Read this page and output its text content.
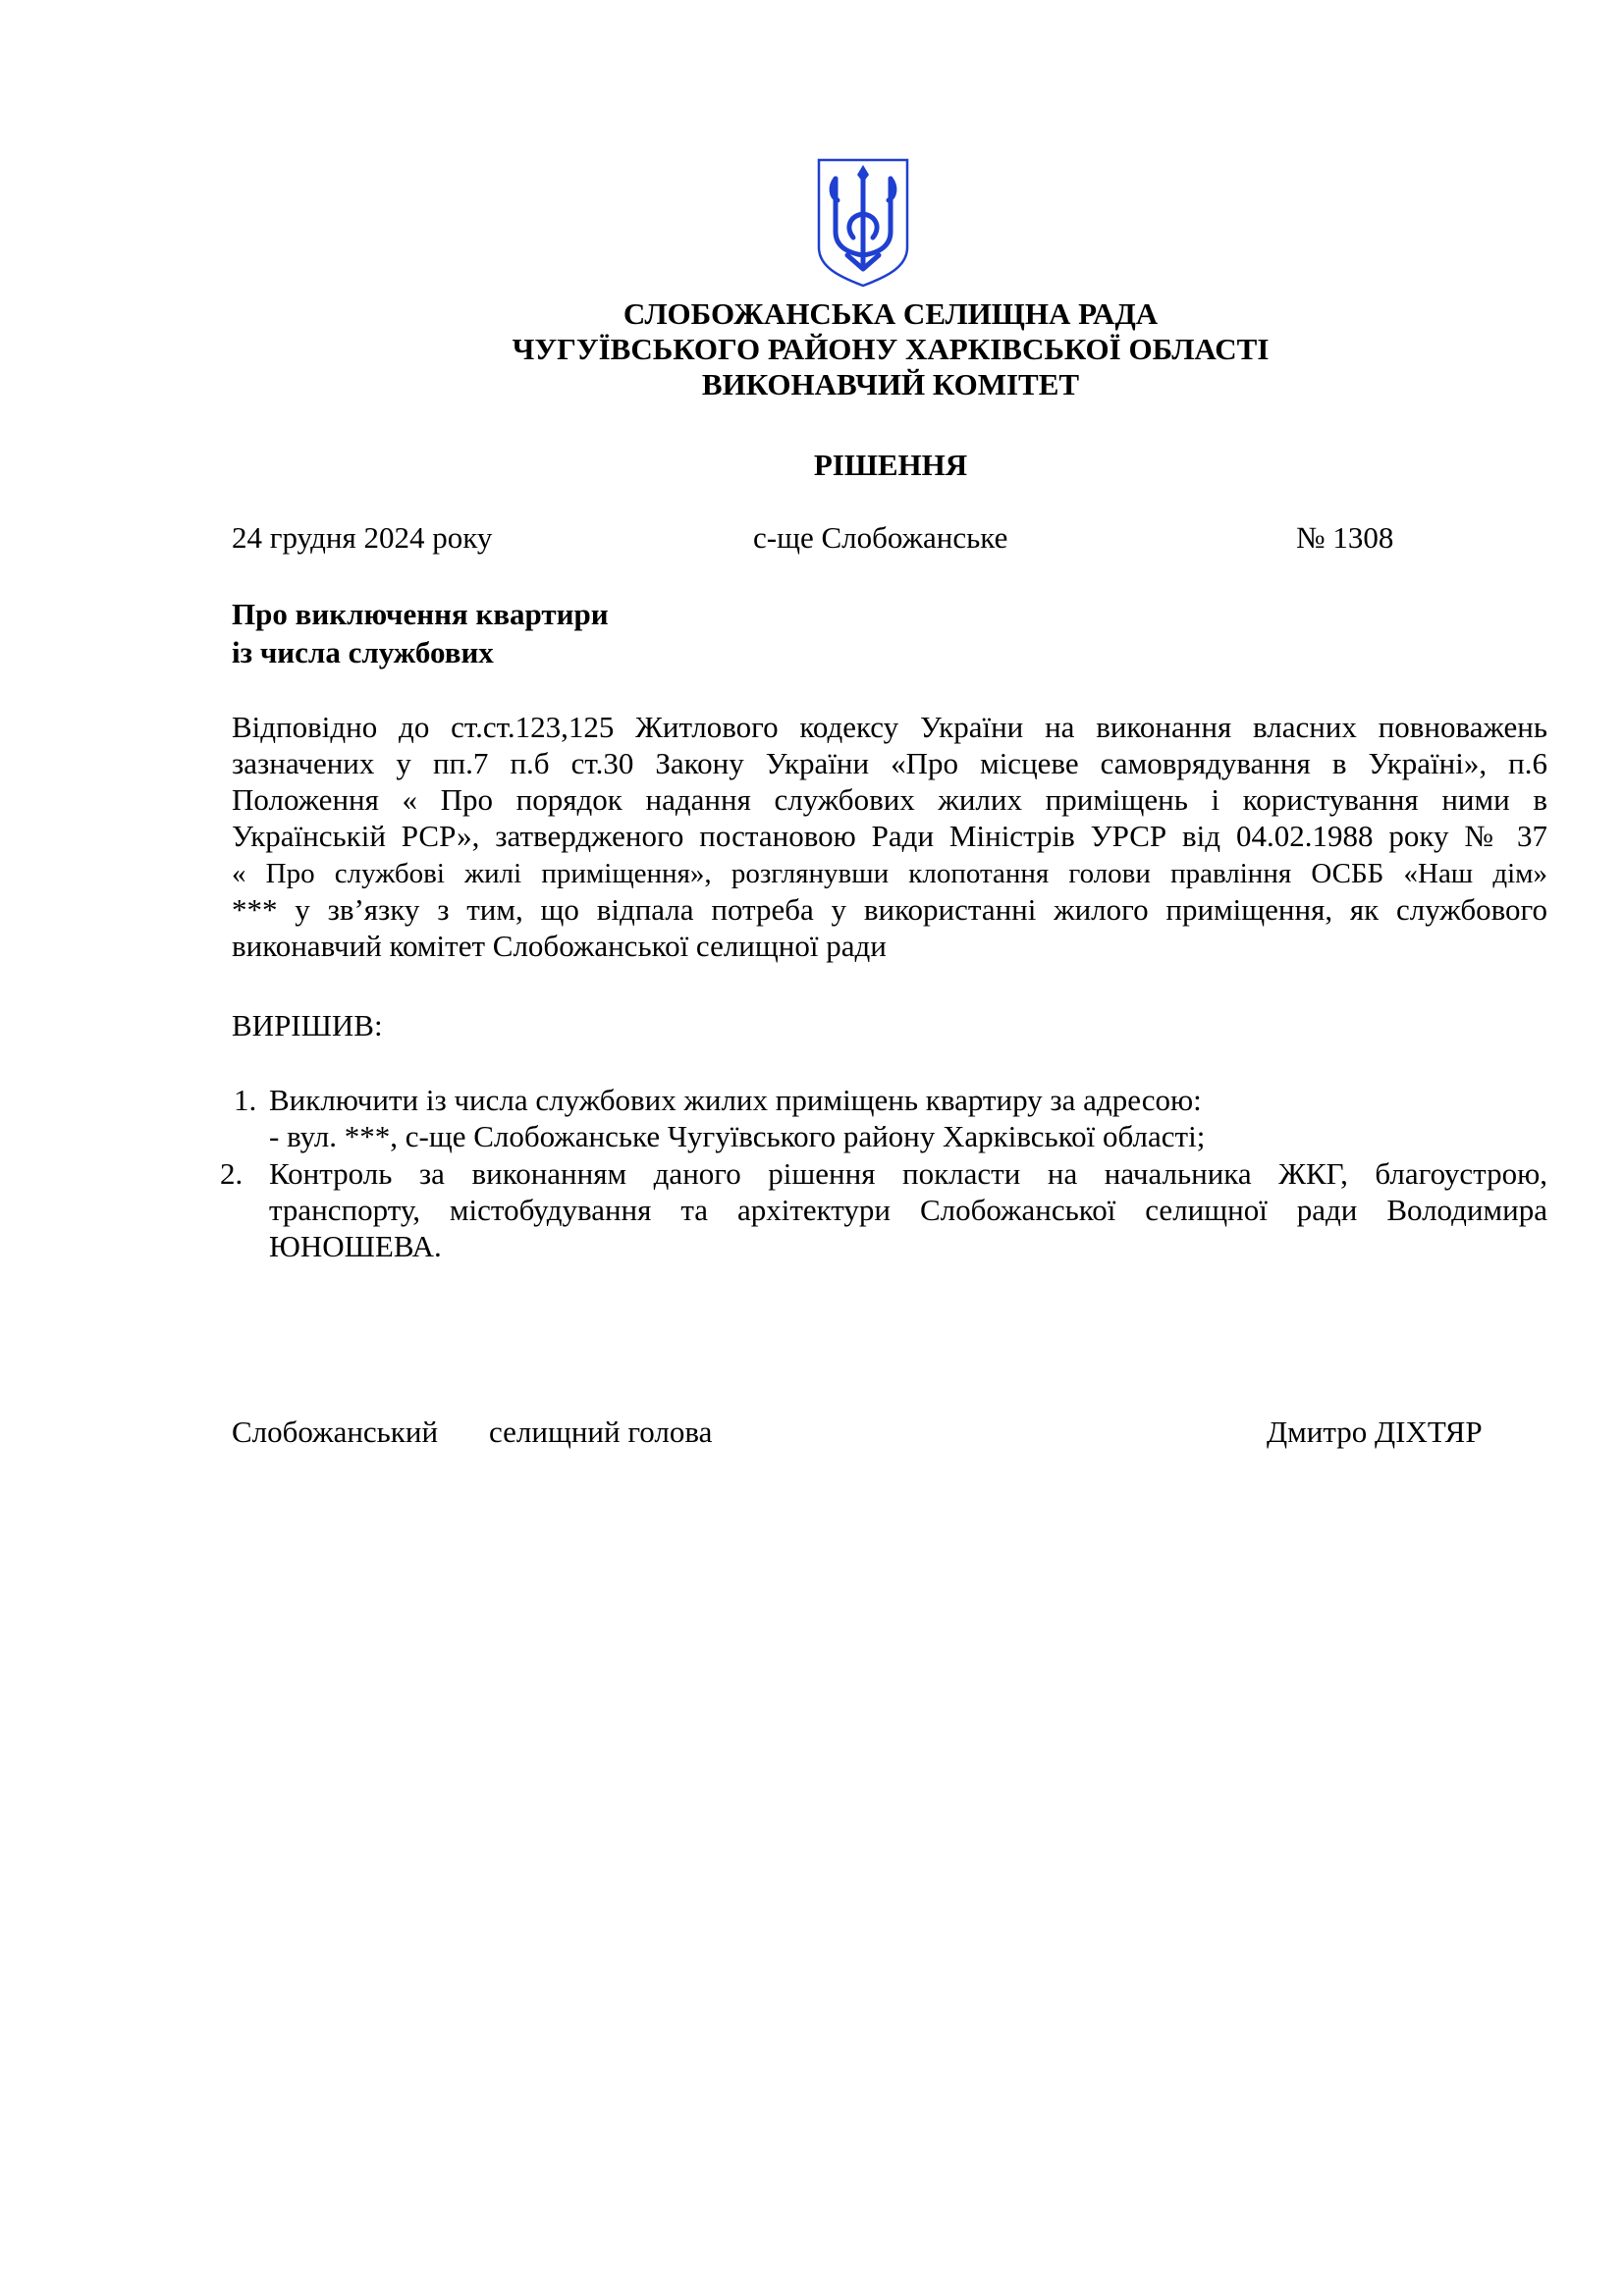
СЛОБОЖАНСЬКА СЕЛИЩНА РАДА
ЧУГУЇВСЬКОГО РАЙОНУ ХАРКІВСЬКОЇ ОБЛАСТІ
ВИКОНАВЧИЙ КОМІТЕТ
РІШЕННЯ
24 грудня 2024 року	с-ще Слобожанське	№ 1308
Про виключення квартири
із числа службових
Відповідно до ст.ст.123,125 Житлового кодексу України на виконання власних повноважень
зазначених у пп.7 п.б ст.30 Закону України «Про місцеве самоврядування в Україні», п.6
Положення « Про порядок надання службових жилих приміщень і користування ними в
Українській РСР», затвердженого постановою Ради Міністрів УРСР від 04.02.1988 року № 37
« Про службові жилі приміщення», розглянувши клопотання голови правління ОСББ «Наш дім»
*** у зв’язку з тим, що відпала потреба у використанні жилого приміщення, як службового
виконавчий комітет Слобожанської селищної ради
ВИРІШИВ:
1. Виключити із числа службових жилих приміщень квартиру за адресою:
- вул. ***, с-ще Слобожанське Чугуївського району Харківської області;
2. Контроль за виконанням даного рішення покласти на начальника ЖКГ, благоустрою,
транспорту, містобудування та архітектури Слобожанської селищної ради Володимира
ЮНОШЕВА.
Слобожанський селищний голова	Дмитро ДІХТЯР
